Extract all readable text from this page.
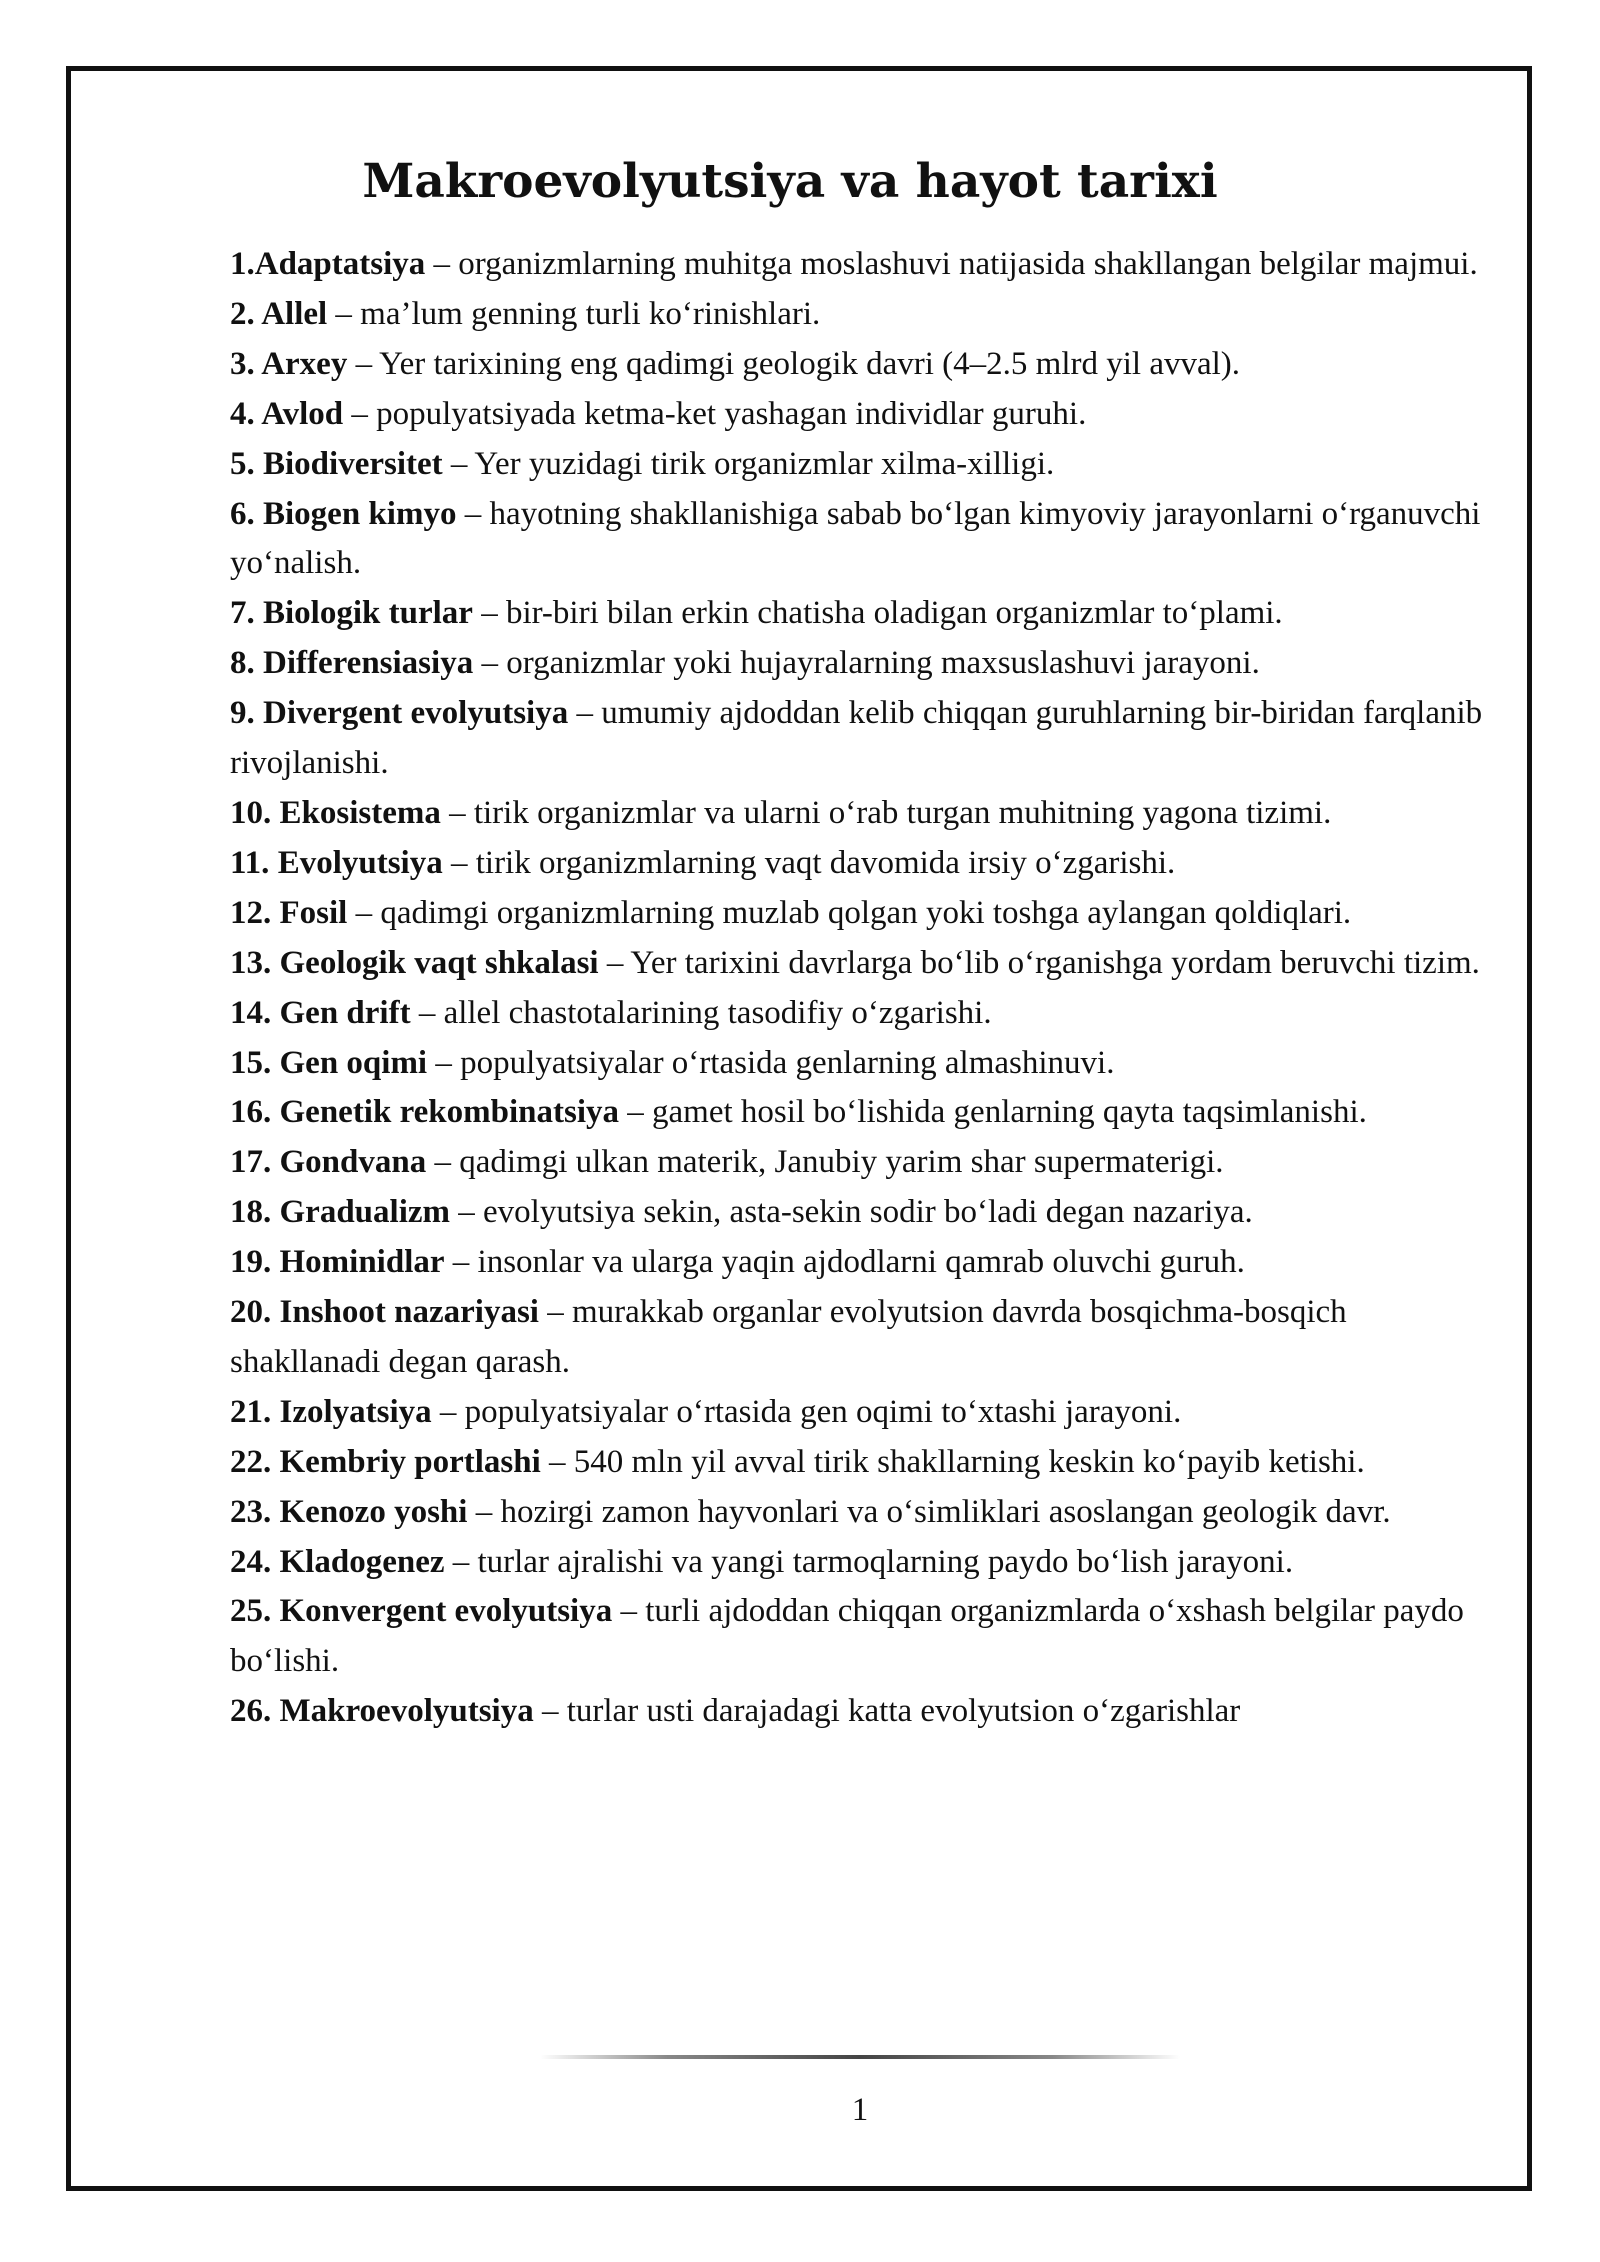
Makroevolyutsiya va hayot tarixi
1.Adaptatsiya – organizmlarning muhitga moslashuvi natijasida shakllangan belgilar majmui.
2. Allel – ma’lum genning turli ko‘rinishlari.
3. Arxey – Yer tarixining eng qadimgi geologik davri (4–2.5 mlrd yil avval).
4. Avlod – populyatsiyada ketma-ket yashagan individlar guruhi.
5. Biodiversitet – Yer yuzidagi tirik organizmlar xilma-xilligi.
6. Biogen kimyo – hayotning shakllanishiga sabab bo‘lgan kimyoviy jarayonlarni o‘rganuvchi yo‘nalish.
7. Biologik turlar – bir-biri bilan erkin chatisha oladigan organizmlar to‘plami.
8. Differensiasiya – organizmlar yoki hujayralarning maxsuslashuvi jarayoni.
9. Divergent evolyutsiya – umumiy ajdoddan kelib chiqqan guruhlarning bir-biridan farqlanib rivojlanishi.
10. Ekosistema – tirik organizmlar va ularni o‘rab turgan muhitning yagona tizimi.
11. Evolyutsiya – tirik organizmlarning vaqt davomida irsiy o‘zgarishi.
12. Fosil – qadimgi organizmlarning muzlab qolgan yoki toshga aylangan qoldiqlari.
13. Geologik vaqt shkalasi – Yer tarixini davrlarga bo‘lib o‘rganishga yordam beruvchi tizim.
14. Gen drift – allel chastotalarining tasodifiy o‘zgarishi.
15. Gen oqimi – populyatsiyalar o‘rtasida genlarning almashinuvi.
16. Genetik rekombinatsiya – gamet hosil bo‘lishida genlarning qayta taqsimlanishi.
17. Gondvana – qadimgi ulkan materik, Janubiy yarim shar supermaterigi.
18. Gradualizm – evolyutsiya sekin, asta-sekin sodir bo‘ladi degan nazariya.
19. Hominidlar – insonlar va ularga yaqin ajdodlarni qamrab oluvchi guruh.
20. Inshoot nazariyasi – murakkab organlar evolyutsion davrda bosqichma-bosqich shakllanadi degan qarash.
21. Izolyatsiya – populyatsiyalar o‘rtasida gen oqimi to‘xtashi jarayoni.
22. Kembriy portlashi – 540 mln yil avval tirik shakllarning keskin ko‘payib ketishi.
23. Kenozo yoshi – hozirgi zamon hayvonlari va o‘simliklari asoslangan geologik davr.
24. Kladogenez – turlar ajralishi va yangi tarmoqlarning paydo bo‘lish jarayoni.
25. Konvergent evolyutsiya – turli ajdoddan chiqqan organizmlarda o‘xshash belgilar paydo bo‘lishi.
26. Makroevolyutsiya – turlar usti darajadagi katta evolyutsion o‘zgarishlar
1
